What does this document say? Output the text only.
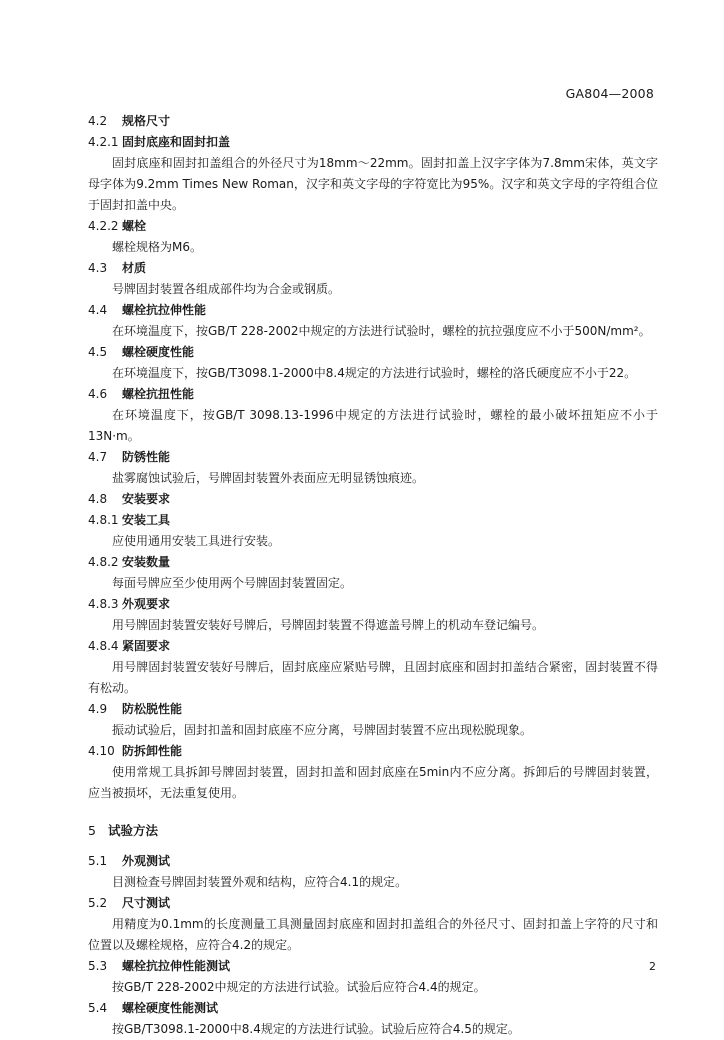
GA804—2008
4.2 规格尺寸
4.2.1 固封底座和固封扣盖
固封底座和固封扣盖组合的外径尺寸为18mm～22mm。固封扣盖上汉字字体为7.8mm宋体，英文字母字体为9.2mm Times New Roman，汉字和英文字母的字符宽比为95%。汉字和英文字母的字符组合位于固封扣盖中央。
4.2.2 螺栓
螺栓规格为M6。
4.3 材质
号牌固封装置各组成部件均为合金或钢质。
4.4 螺栓抗拉伸性能
在环境温度下，按GB/T 228-2002中规定的方法进行试验时，螺栓的抗拉强度应不小于500N/mm²。
4.5 螺栓硬度性能
在环境温度下，按GB/T3098.1-2000中8.4规定的方法进行试验时，螺栓的洛氏硬度应不小于22。
4.6 螺栓抗扭性能
在环境温度下，按GB/T 3098.13-1996中规定的方法进行试验时，螺栓的最小破坏扭矩应不小于13N·m。
4.7 防锈性能
盐雾腐蚀试验后，号牌固封装置外表面应无明显锈蚀痕迹。
4.8 安装要求
4.8.1 安装工具
应使用通用安装工具进行安装。
4.8.2 安装数量
每面号牌应至少使用两个号牌固封装置固定。
4.8.3 外观要求
用号牌固封装置安装好号牌后，号牌固封装置不得遮盖号牌上的机动车登记编号。
4.8.4 紧固要求
用号牌固封装置安装好号牌后，固封底座应紧贴号牌，且固封底座和固封扣盖结合紧密，固封装置不得有松动。
4.9 防松脱性能
振动试验后，固封扣盖和固封底座不应分离，号牌固封装置不应出现松脱现象。
4.10 防拆卸性能
使用常规工具拆卸号牌固封装置，固封扣盖和固封底座在5min内不应分离。拆卸后的号牌固封装置，应当被损坏，无法重复使用。
5 试验方法
5.1 外观测试
目测检查号牌固封装置外观和结构，应符合4.1的规定。
5.2 尺寸测试
用精度为0.1mm的长度测量工具测量固封底座和固封扣盖组合的外径尺寸、固封扣盖上字符的尺寸和位置以及螺栓规格，应符合4.2的规定。
5.3 螺栓抗拉伸性能测试
按GB/T 228-2002中规定的方法进行试验。试验后应符合4.4的规定。
5.4 螺栓硬度性能测试
按GB/T3098.1-2000中8.4规定的方法进行试验。试验后应符合4.5的规定。
2
